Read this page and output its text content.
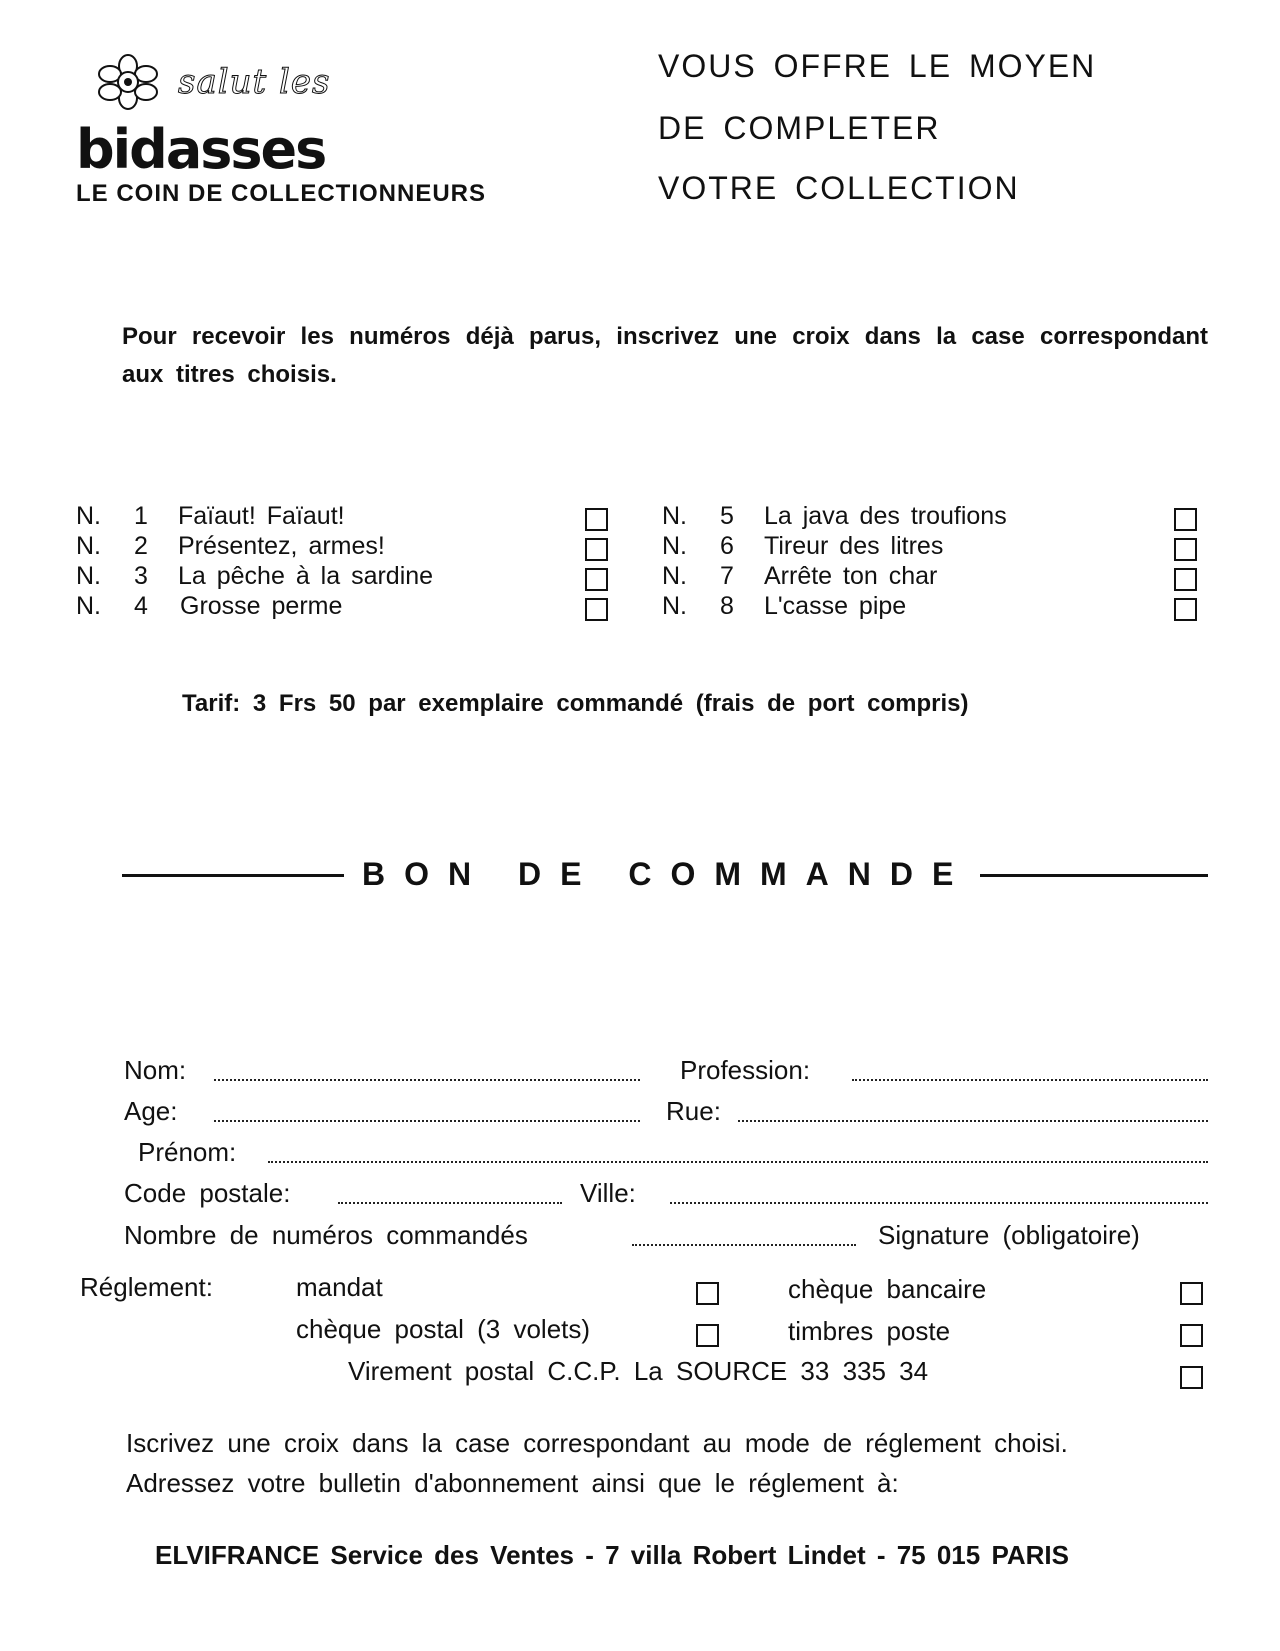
salut les
bidasses
LE COIN DE COLLECTIONNEURS
VOUS OFFRE LE MOYEN
DE COMPLETER
VOTRE COLLECTION
Pour recevoir les numéros déjà parus, inscrivez une croix dans la case correspondant aux titres choisis.
N. 1 Faïaut! Faïaut!
N. 2 Présentez, armes!
N. 3 La pêche à la sardine
N. 4 Grosse perme
N. 5 La java des troufions
N. 6 Tireur des litres
N. 7 Arrête ton char
N. 8 L'casse pipe
Tarif: 3 Frs 50 par exemplaire commandé (frais de port compris)
BON DE COMMANDE
Nom:	Profession:
Age:	Rue:
Prénom:
Code postale:	Ville:
Nombre de numéros commandés	Signature (obligatoire)
Réglement:	mandat	chèque bancaire
chèque postal (3 volets)	timbres poste
Virement postal C.C.P. La SOURCE 33 335 34
Iscrivez une croix dans la case correspondant au mode de réglement choisi.
Adressez votre bulletin d'abonnement ainsi que le réglement à:
ELVIFRANCE Service des Ventes - 7 villa Robert Lindet - 75 015 PARIS
